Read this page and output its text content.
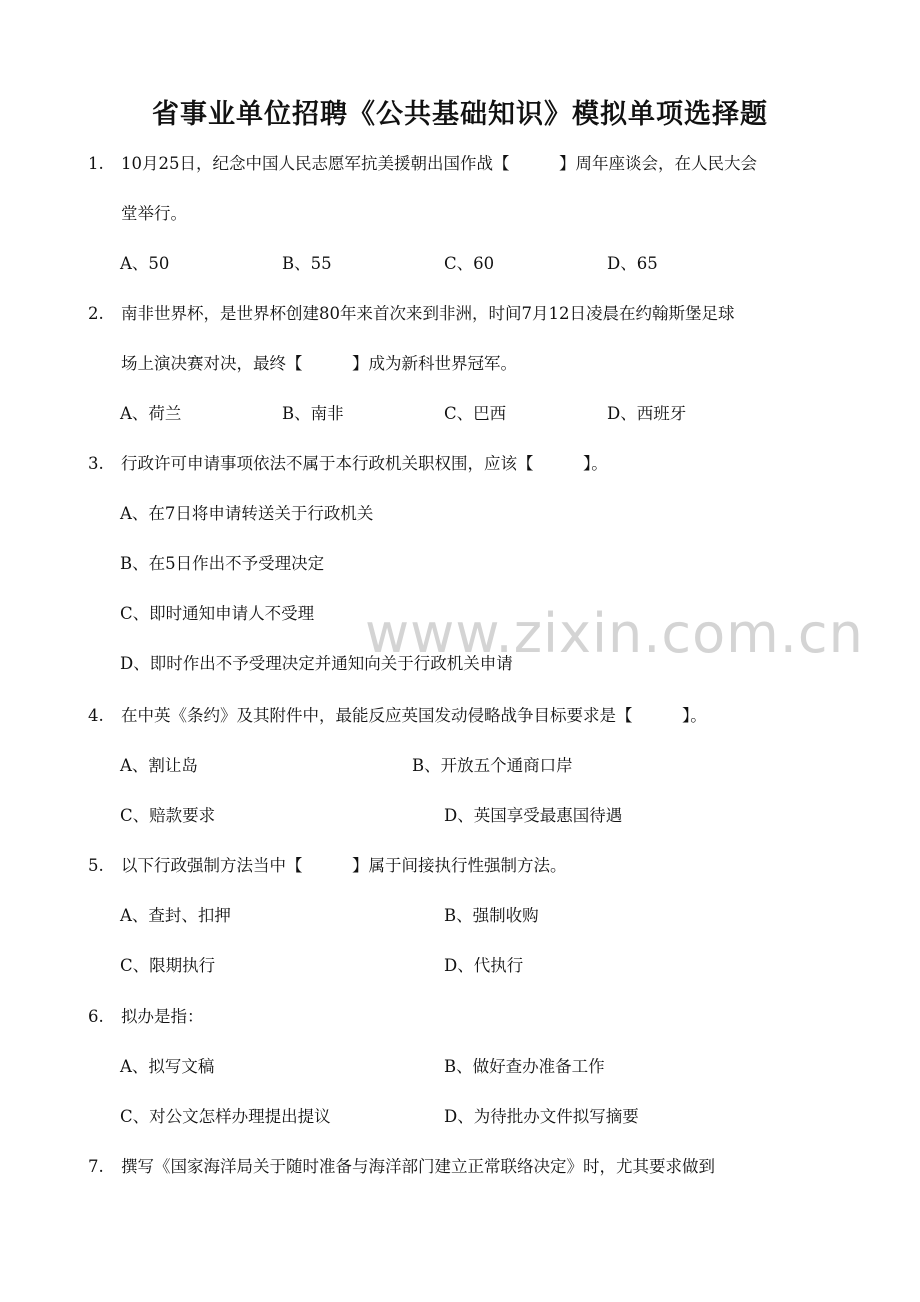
省事业单位招聘《公共基础知识》模拟单项选择题
1. 10月25日，纪念中国人民志愿军抗美援朝出国作战【　　　】周年座谈会，在人民大会
堂举行。
A、50	B、55	C、60	D、65
2. 南非世界杯，是世界杯创建80年来首次来到非洲，时间7月12日凌晨在约翰斯堡足球
场上演决赛对决，最终【　　　】成为新科世界冠军。
A、荷兰	B、南非	C、巴西	D、西班牙
3. 行政许可申请事项依法不属于本行政机关职权围，应该【　　　】。
A、在7日将申请转送关于行政机关
B、在5日作出不予受理决定
C、即时通知申请人不受理
D、即时作出不予受理决定并通知向关于行政机关申请
www.zixin.com.cn
4. 在中英《条约》及其附件中，最能反应英国发动侵略战争目标要求是【　　　】。
A、割让岛	B、开放五个通商口岸
C、赔款要求	D、英国享受最惠国待遇
5. 以下行政强制方法当中【　　　】属于间接执行性强制方法。
A、查封、扣押	B、强制收购
C、限期执行	D、代执行
6. 拟办是指：
A、拟写文稿	B、做好查办准备工作
C、对公文怎样办理提出提议	D、为待批办文件拟写摘要
7. 撰写《国家海洋局关于随时准备与海洋部门建立正常联络决定》时，尤其要求做到
